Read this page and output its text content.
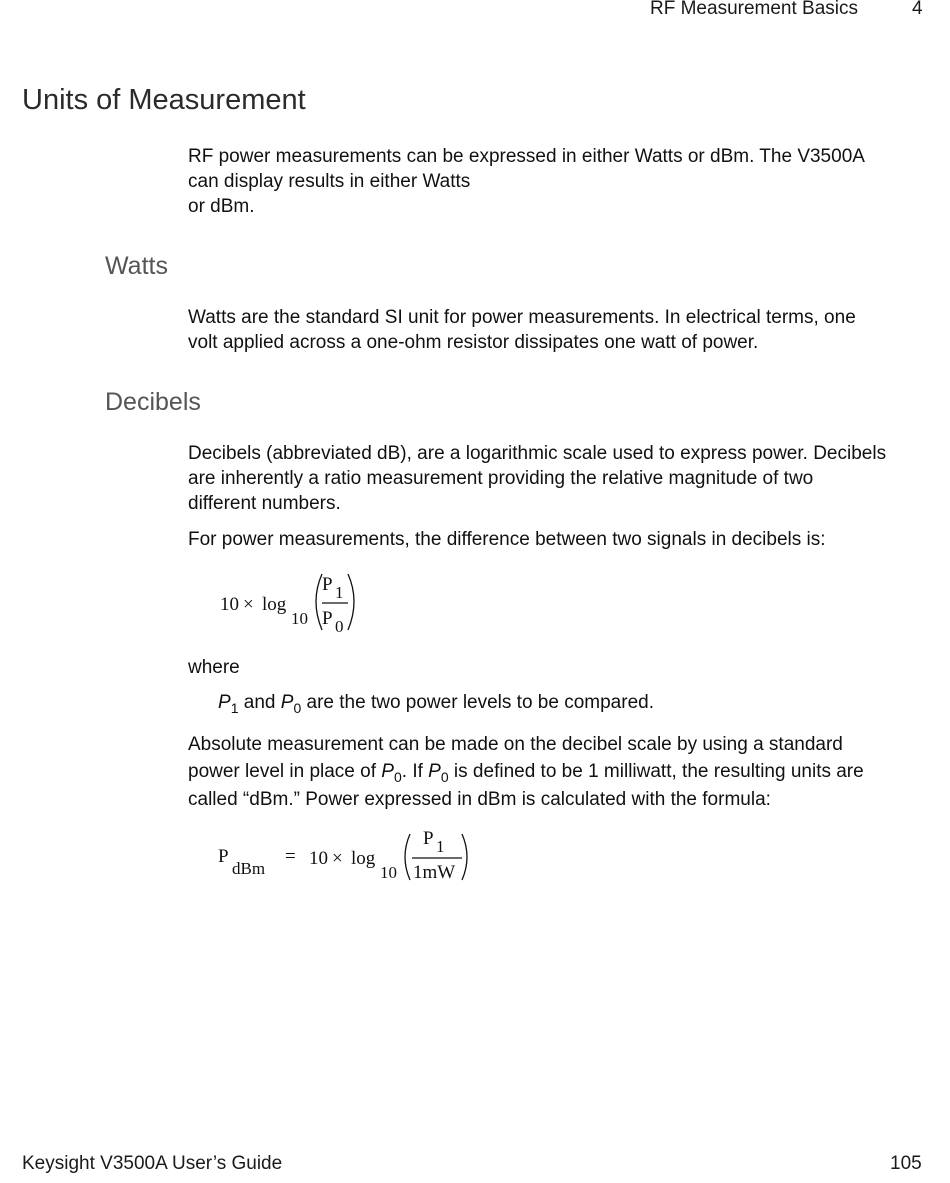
RF Measurement Basics	4
Units of Measurement

RF power measurements can be expressed in either Watts or dBm. The V3500A
can display results in either Watts
or dBm.

Watts

Watts are the standard SI unit for power measurements. In electrical terms, one
volt applied across a one-ohm resistor dissipates one watt of power.

Decibels

Decibels (abbreviated dB), are a logarithmic scale used to express power. Decibels
are inherently a ratio measurement providing the relative magnitude of two
different numbers.

For power measurements, the difference between two signals in decibels is:

10 × log
10
P 1
P 0

where

$P_1$ and $P_0$ are the two power levels to be compared.

Absolute measurement can be made on the decibel scale by using a standard
power level in place of $P_0$. If $P_0$ is defined to be 1 milliwatt, the resulting units are
called “dBm.” Power expressed in dBm is calculated with the formula:

P
dBm
= 10 × log
10
P 1
1mW
Keysight V3500A User’s Guide	105
